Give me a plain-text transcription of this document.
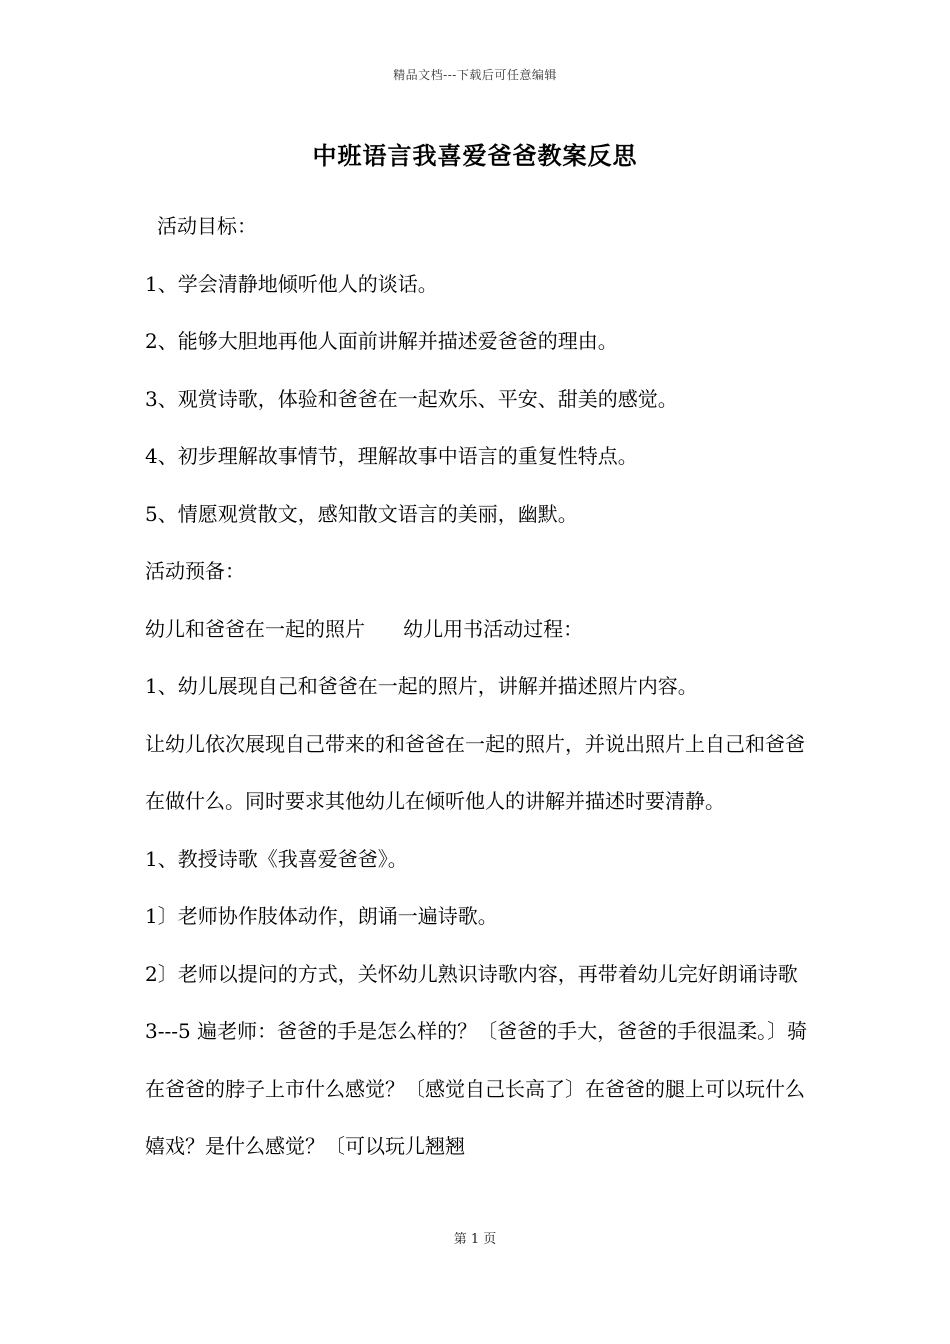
精品文档---下载后可任意编辑
中班语言我喜爱爸爸教案反思

活动目标：

1、学会清静地倾听他人的谈话。

2、能够大胆地再他人面前讲解并描述爱爸爸的理由。

3、观赏诗歌，体验和爸爸在一起欢乐、平安、甜美的感觉。

4、初步理解故事情节，理解故事中语言的重复性特点。

5、情愿观赏散文，感知散文语言的美丽，幽默。

活动预备：

幼儿和爸爸在一起的照片      幼儿用书活动过程：

1、幼儿展现自己和爸爸在一起的照片，讲解并描述照片内容。

让幼儿依次展现自己带来的和爸爸在一起的照片，并说出照片上自己和爸爸在做什么。同时要求其他幼儿在倾听他人的讲解并描述时要清静。

1、教授诗歌《我喜爱爸爸》。

1〕老师协作肢体动作，朗诵一遍诗歌。

2〕老师以提问的方式，关怀幼儿熟识诗歌内容，再带着幼儿完好朗诵诗歌 3---5 遍老师：爸爸的手是怎么样的？〔爸爸的手大，爸爸的手很温柔。〕骑在爸爸的脖子上市什么感觉？〔感觉自己长高了〕在爸爸的腿上可以玩什么嬉戏？是什么感觉？〔可以玩儿翘翘

第 1 页
